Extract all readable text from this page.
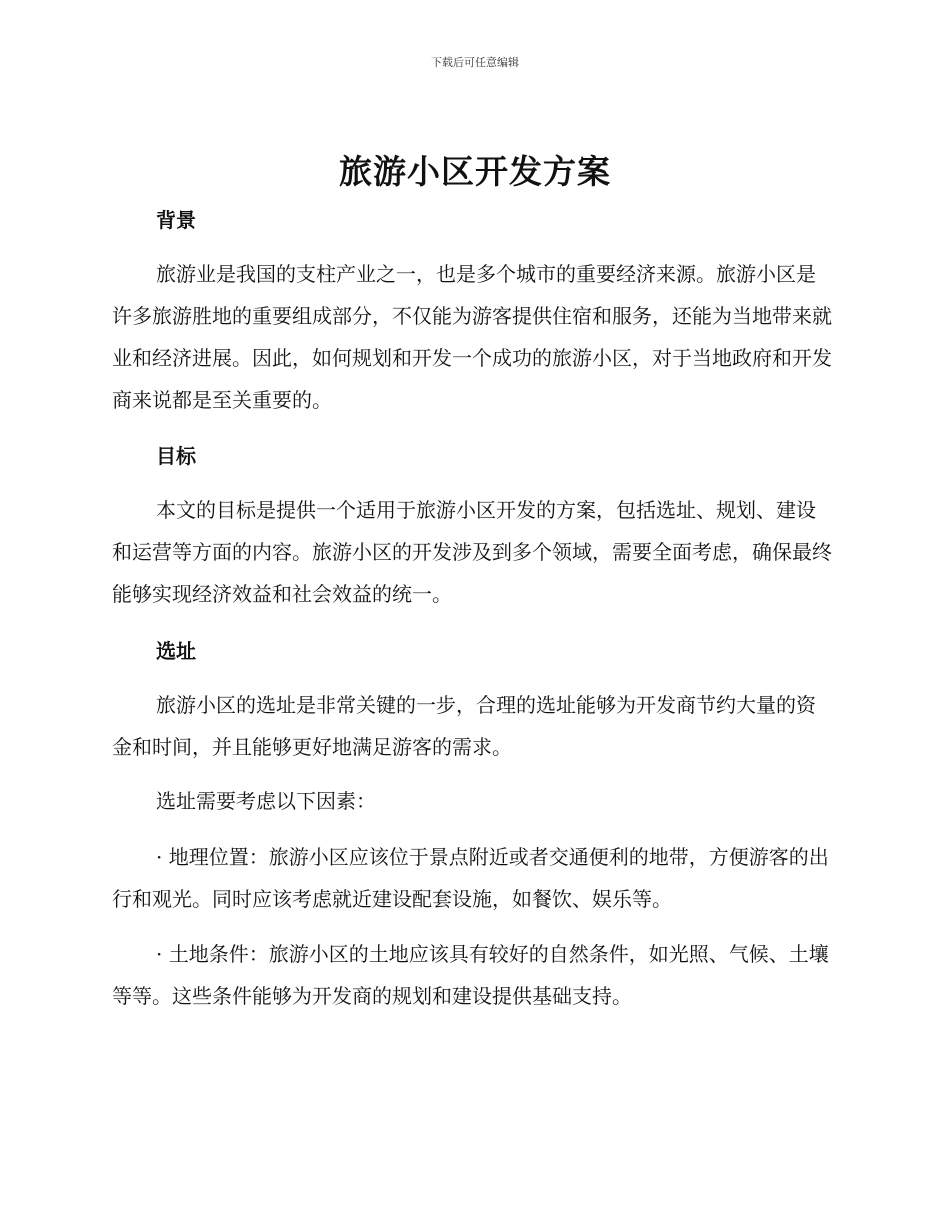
下载后可任意编辑
旅游小区开发方案
背景

旅游业是我国的支柱产业之一，也是多个城市的重要经济来源。旅游小区是许多旅游胜地的重要组成部分，不仅能为游客提供住宿和服务，还能为当地带来就业和经济进展。因此，如何规划和开发一个成功的旅游小区，对于当地政府和开发商来说都是至关重要的。

目标

本文的目标是提供一个适用于旅游小区开发的方案，包括选址、规划、建设和运营等方面的内容。旅游小区的开发涉及到多个领域，需要全面考虑，确保最终能够实现经济效益和社会效益的统一。

选址

旅游小区的选址是非常关键的一步，合理的选址能够为开发商节约大量的资金和时间，并且能够更好地满足游客的需求。

选址需要考虑以下因素：

· 地理位置：旅游小区应该位于景点附近或者交通便利的地带，方便游客的出行和观光。同时应该考虑就近建设配套设施，如餐饮、娱乐等。

· 土地条件：旅游小区的土地应该具有较好的自然条件，如光照、气候、土壤等等。这些条件能够为开发商的规划和建设提供基础支持。
